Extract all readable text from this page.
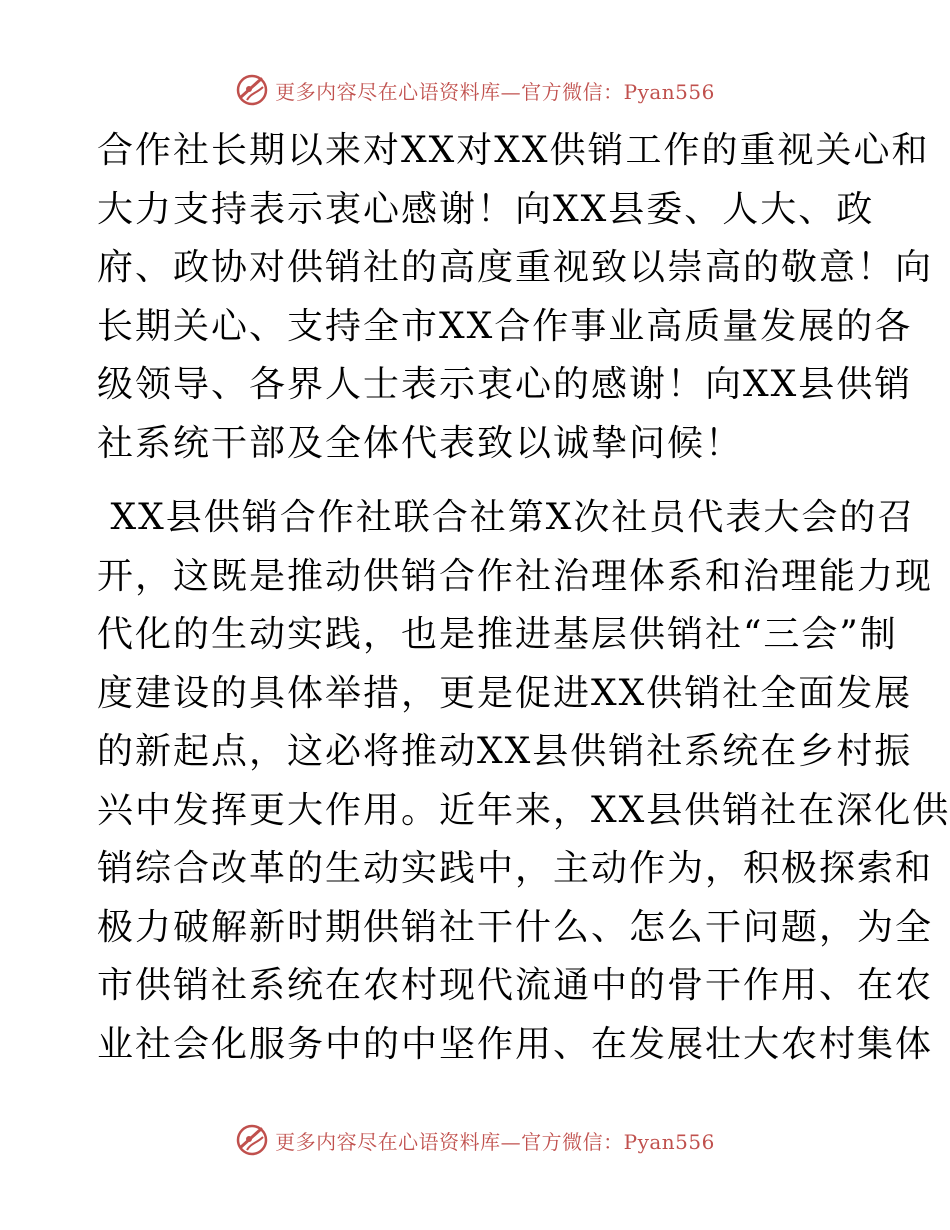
更多内容尽在心语资料库—官方微信：Pyan556

合作社长期以来对XX对XX供销工作的重视关心和
大力支持表示衷心感谢！向XX县委、人大、政
府、政协对供销社的高度重视致以崇高的敬意！向
长期关心、支持全市XX合作事业高质量发展的各
级领导、各界人士表示衷心的感谢！向XX县供销
社系统干部及全体代表致以诚挚问候！

XX县供销合作社联合社第X次社员代表大会的召
开，这既是推动供销合作社治理体系和治理能力现
代化的生动实践，也是推进基层供销社“三会”制
度建设的具体举措，更是促进XX供销社全面发展
的新起点，这必将推动XX县供销社系统在乡村振
兴中发挥更大作用。近年来，XX县供销社在深化供
销综合改革的生动实践中，主动作为，积极探索和
极力破解新时期供销社干什么、怎么干问题，为全
市供销社系统在农村现代流通中的骨干作用、在农
业社会化服务中的中坚作用、在发展壮大农村集体

更多内容尽在心语资料库—官方微信：Pyan556
